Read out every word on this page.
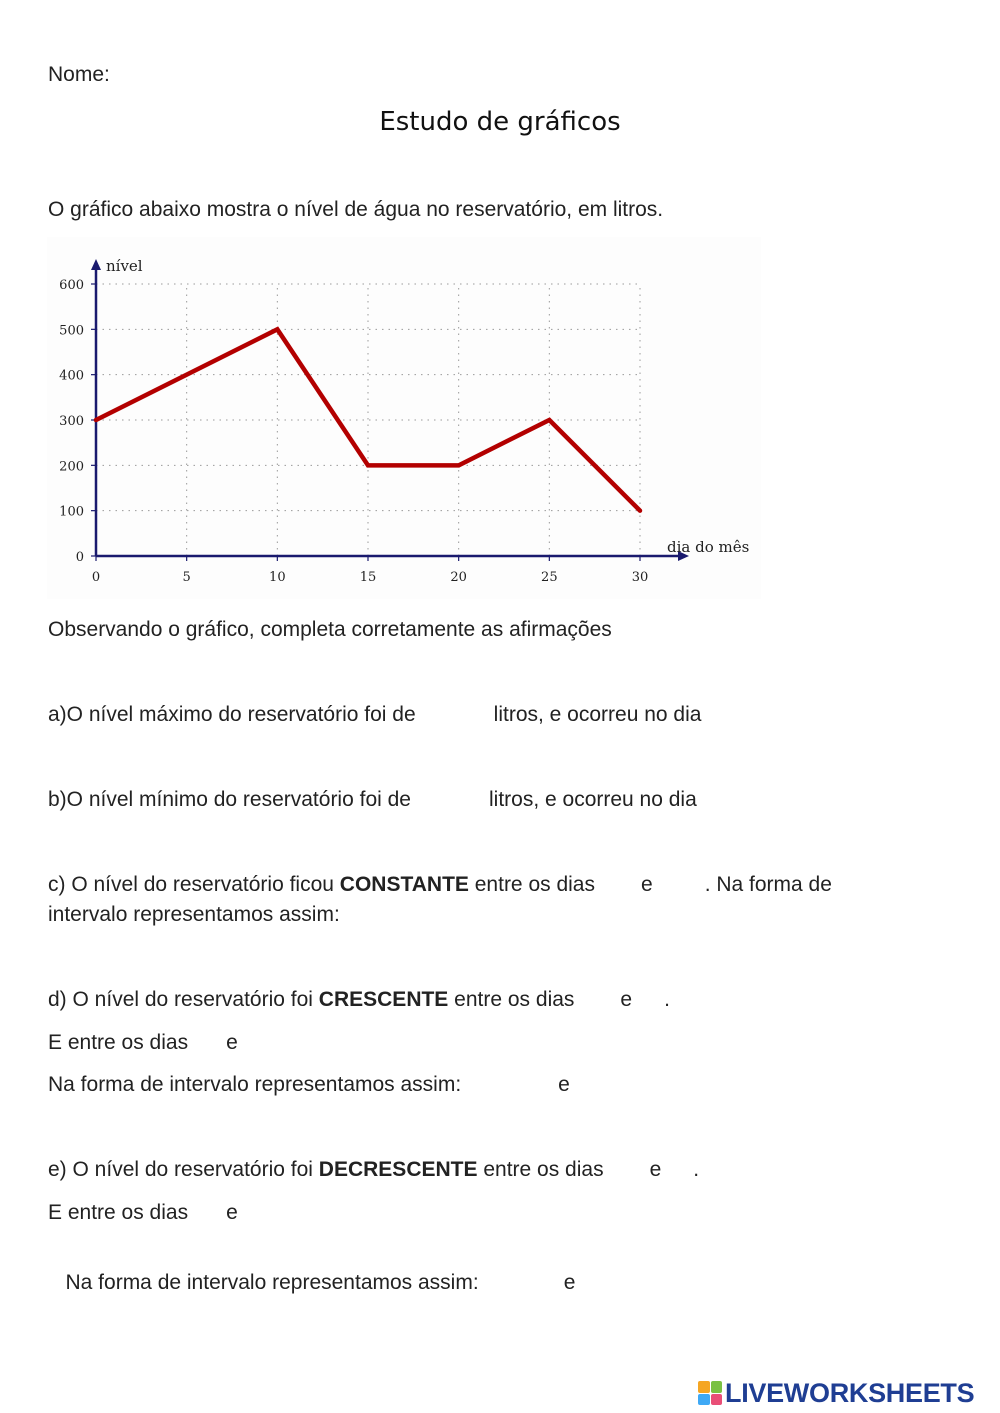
Nome:
Estudo de gráficos
O gráfico abaixo mostra o nível de água no reservatório, em litros.
0	5	10	15	20	25	30
0
100
200
300
400
500
600
nível
dia do mês
Observando o gráfico, completa corretamente as afirmações
a)O nível máximo do reservatório foi de	litros, e ocorreu no dia
b)O nível mínimo do reservatório foi de	litros, e ocorreu no dia
c) O nível do reservatório ficou CONSTANTE entre os dias e . Na forma de
intervalo representamos assim:
d) O nível do reservatório foi CRESCENTE entre os dias e .
E entre os dias e
Na forma de intervalo representamos assim:	e
e) O nível do reservatório foi DECRESCENTE entre os dias e .
E entre os dias e

Na forma de intervalo representamos assim:	e

LIVEWORKSHEETS
